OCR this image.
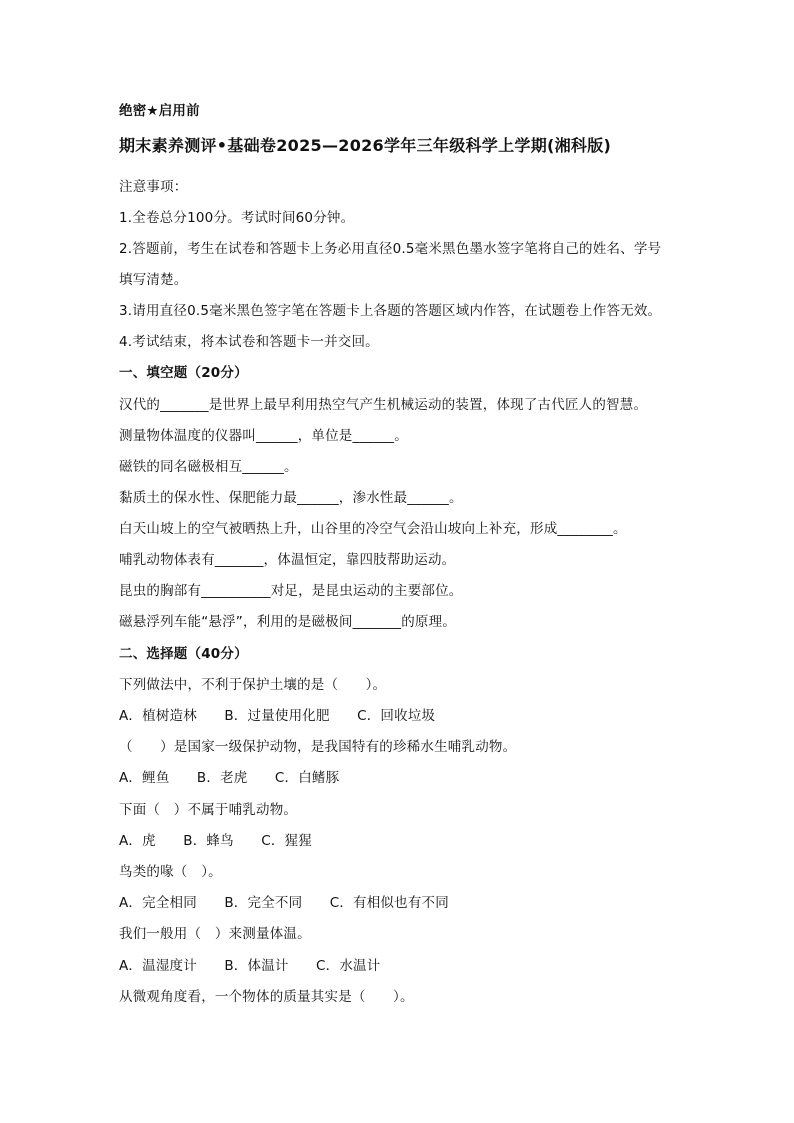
绝密★启用前
期末素养测评•基础卷2025—2026学年三年级科学上学期(湘科版)
注意事项：
1.全卷总分100分。考试时间60分钟。
2.答题前，考生在试卷和答题卡上务必用直径0.5毫米黑色墨水签字笔将自己的姓名、学号
填写清楚。
3.请用直径0.5毫米黑色签字笔在答题卡上各题的答题区域内作答，在试题卷上作答无效。
4.考试结束，将本试卷和答题卡一并交回。
一、填空题（20分）
汉代的_______是世界上最早利用热空气产生机械运动的装置，体现了古代匠人的智慧。
测量物体温度的仪器叫______，单位是______。
磁铁的同名磁极相互______。
黏质土的保水性、保肥能力最______，渗水性最______。
白天山坡上的空气被晒热上升，山谷里的冷空气会沿山坡向上补充，形成________。
哺乳动物体表有_______，体温恒定，靠四肢帮助运动。
昆虫的胸部有__________对足，是昆虫运动的主要部位。
磁悬浮列车能“悬浮”，利用的是磁极间_______的原理。
二、选择题（40分）
下列做法中，不利于保护土壤的是（　　）。
A．植树造林　　B．过量使用化肥　　C．回收垃圾
（　　）是国家一级保护动物，是我国特有的珍稀水生哺乳动物。
A．鲤鱼　　B．老虎　　C．白鳍豚
下面（　）不属于哺乳动物。
A．虎　　B．蜂鸟　　C．猩猩
鸟类的喙（　）。
A．完全相同　　B．完全不同　　C．有相似也有不同
我们一般用（　）来测量体温。
A．温湿度计　　B．体温计　　C．水温计
从微观角度看，一个物体的质量其实是（　　）。
